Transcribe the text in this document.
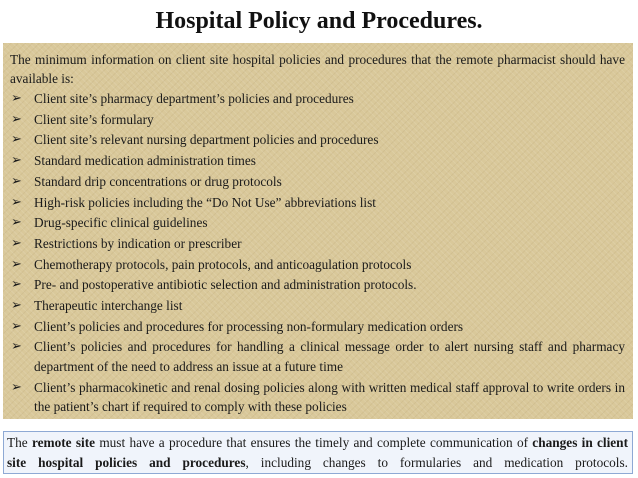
Hospital Policy and Procedures.

The minimum information on client site hospital policies and procedures that the remote pharmacist should have available is:

➢ Client site’s pharmacy department’s policies and procedures
➢ Client site’s formulary
➢ Client site’s relevant nursing department policies and procedures
➢ Standard medication administration times
➢ Standard drip concentrations or drug protocols
➢ High-risk policies including the “Do Not Use” abbreviations list
➢ Drug-specific clinical guidelines
➢ Restrictions by indication or prescriber
➢ Chemotherapy protocols, pain protocols, and anticoagulation protocols
➢ Pre- and postoperative antibiotic selection and administration protocols.
➢ Therapeutic interchange list
➢ Client’s policies and procedures for processing non-formulary medication orders
➢ Client’s policies and procedures for handling a clinical message order to alert nursing staff and pharmacy department of the need to address an issue at a future time
➢ Client’s pharmacokinetic and renal dosing policies along with written medical staff approval to write orders in the patient’s chart if required to comply with these policies
The remote site must have a procedure that ensures the timely and complete communication of changes in client site hospital policies and procedures, including changes to formularies and medication protocols.
